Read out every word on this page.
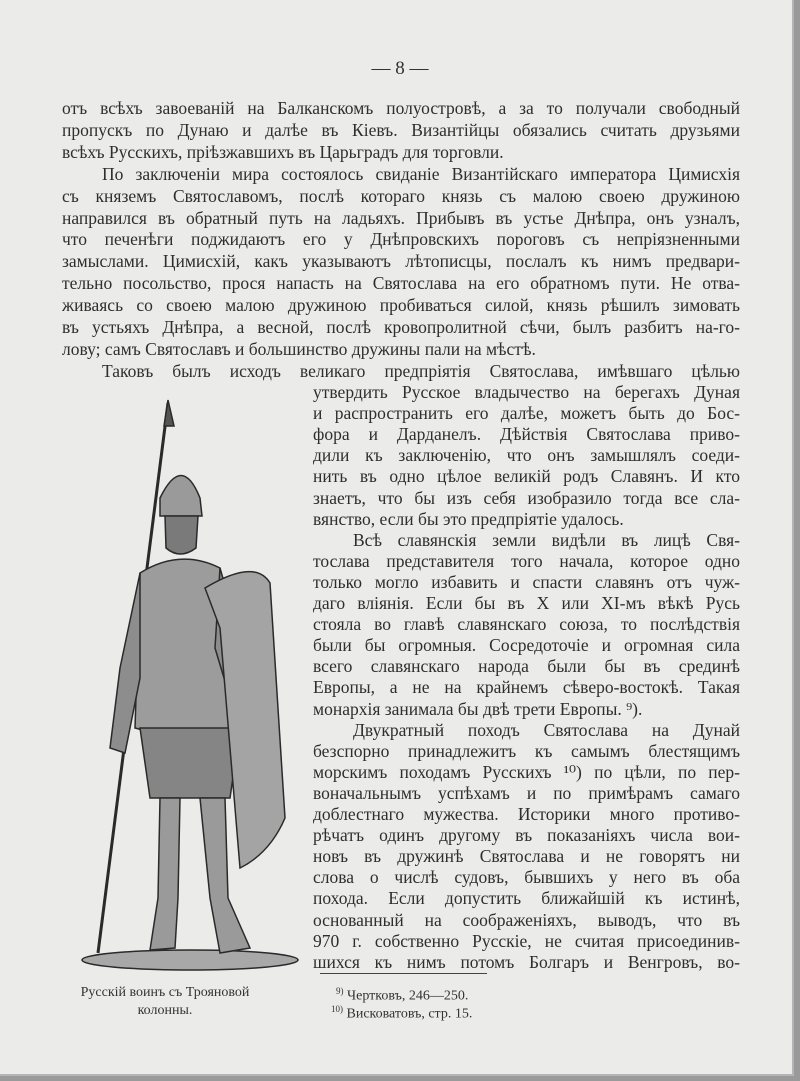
— 8 —
отъ всѣхъ завоеваній на Балканскомъ полуостровѣ, а за то получали свободный
пропускъ по Дунаю и далѣе въ Кіевъ. Византійцы обязались считать друзьями
всѣхъ Русскихъ, пріѣзжавшихъ въ Царьградъ для торговли.
По заключеніи мира состоялось свиданіе Византійскаго императора Цимисхія
съ княземъ Святославомъ, послѣ котораго князь съ малою своею дружиною
направился въ обратный путь на ладьяхъ. Прибывъ въ устье Днѣпра, онъ узналъ,
что печенѣги поджидаютъ его у Днѣпровскихъ пороговъ съ непріязненными
замыслами. Цимисхій, какъ указываютъ лѣтописцы, послалъ къ нимъ предвари-
тельно посольство, прося напасть на Святослава на его обратномъ пути. Не отва-
живаясь со своею малою дружиною пробиваться силой, князь рѣшилъ зимовать
въ устьяхъ Днѣпра, а весной, послѣ кровопролитной сѣчи, былъ разбитъ на-го-
лову; самъ Святославъ и большинство дружины пали на мѣстѣ.
Таковъ былъ исходъ великаго предпріятія Святослава, имѣвшаго цѣлью
утвердить Русское владычество на берегахъ Дуная
и распространить его далѣе, можетъ быть до Бос-
фора и Дарданелъ. Дѣйствія Святослава приво-
дили къ заключенію, что онъ замышлялъ соеди-
нить въ одно цѣлое великій родъ Славянъ. И кто
знаетъ, что бы изъ себя изобразило тогда все сла-
вянство, если бы это предпріятіе удалось.
Всѣ славянскія земли видѣли въ лицѣ Свя-
тослава представителя того начала, которое одно
только могло избавить и спасти славянъ отъ чуж-
даго вліянія. Если бы въ X или XI-мъ вѣкѣ Русь
стояла во главѣ славянскаго союза, то послѣдствія
были бы огромныя. Сосредоточіе и огромная сила
всего славянскаго народа были бы въ срединѣ
Европы, а не на крайнемъ сѣверо-востокѣ. Такая
монархія занимала бы двѣ трети Европы. ⁹).
Двукратный походъ Святослава на Дунай
безспорно принадлежитъ къ самымъ блестящимъ
морскимъ походамъ Русскихъ ¹⁰) по цѣли, по пер-
воначальнымъ успѣхамъ и по примѣрамъ самаго
доблестнаго мужества. Историки много противо-
рѣчатъ одинъ другому въ показаніяхъ числа вои-
новъ въ дружинѣ Святослава и не говорятъ ни
слова о числѣ судовъ, бывшихъ у него въ оба
похода. Если допустить ближайшій къ истинѣ,
основанный на соображеніяхъ, выводъ, что въ
970 г. собственно Русскіе, не считая присоединив-
шихся къ нимъ потомъ Болгаръ и Венгровъ, во-
Русскій воинъ съ Трояновой
колонны.
$^{9)}$ Чертковъ, 246—250.
$^{10)}$ Висковатовъ, стр. 15.
